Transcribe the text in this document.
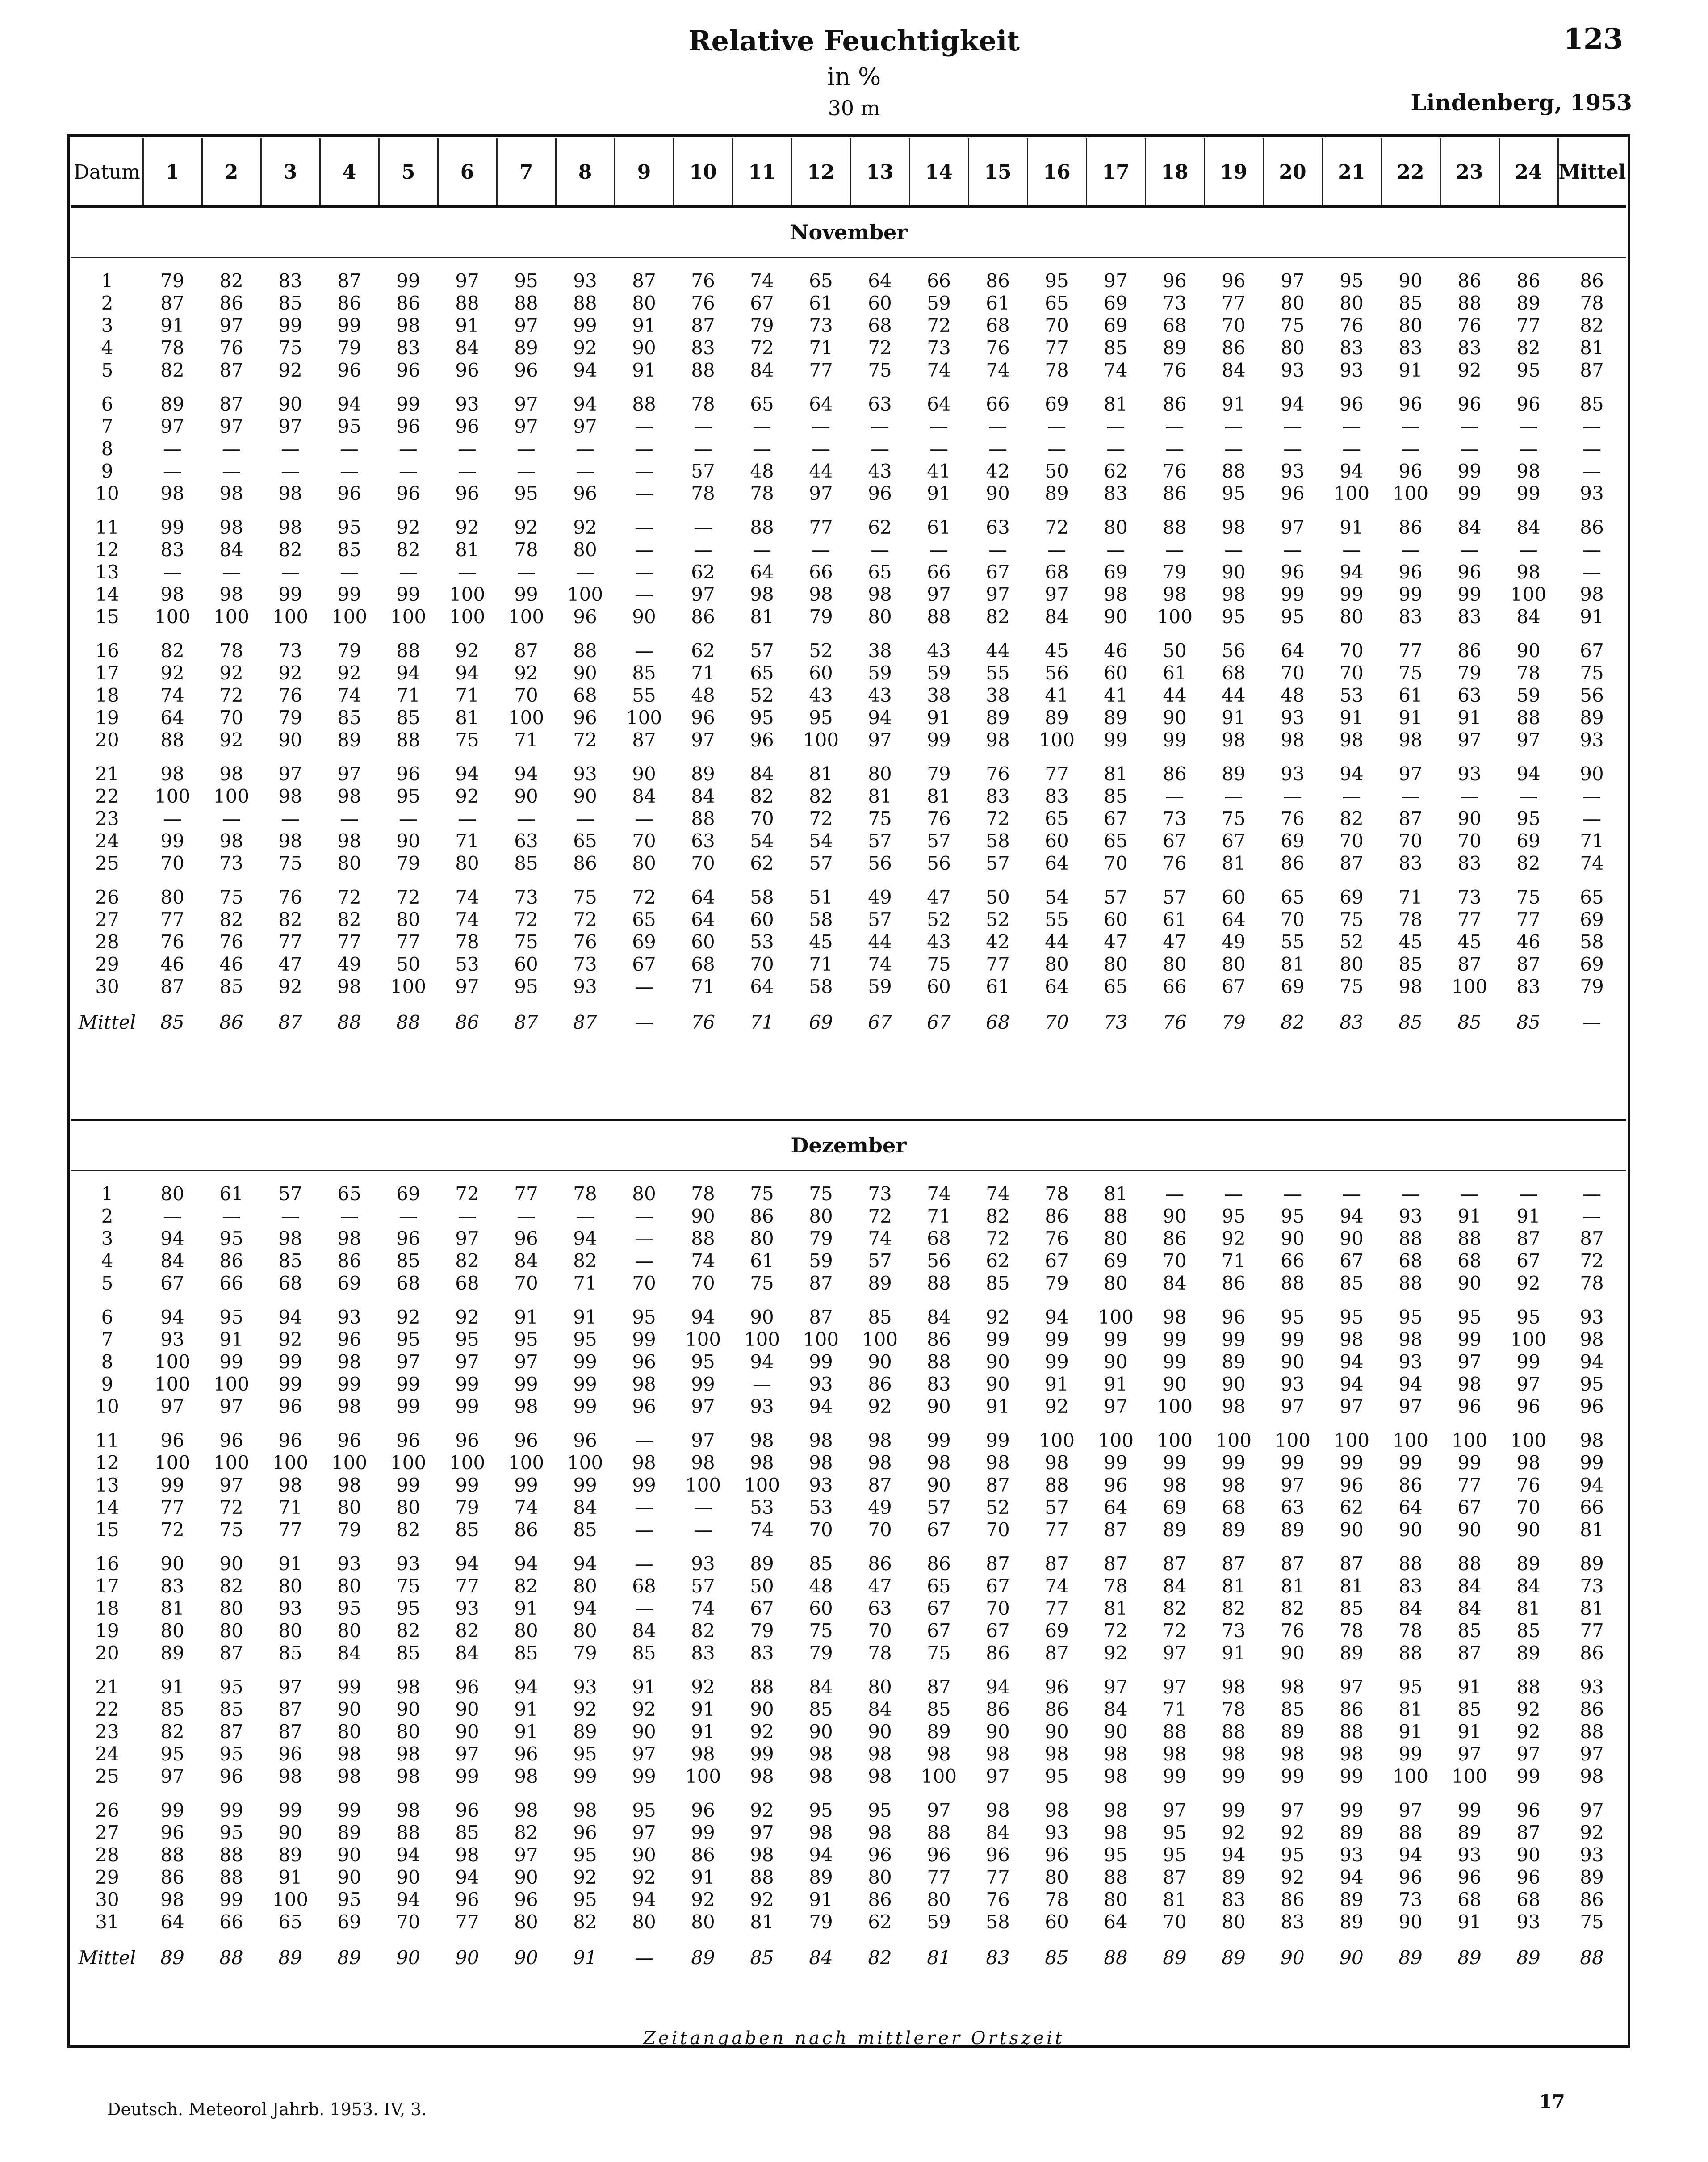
Relative Feuchtigkeit
in %
30 m
123
Lindenberg, 1953
Datum	1	2	3	4	5	6	7	8	9	10	11	12	13	14	15	16	17	18	19	20	21	22	23	24	Mittel
November																									

1	79	82	83	87	99	97	95	93	87	76	74	65	64	66	86	95	97	96	96	97	95	90	86	86	86
2	87	86	85	86	86	88	88	88	80	76	67	61	60	59	61	65	69	73	77	80	80	85	88	89	78
3	91	97	99	99	98	91	97	99	91	87	79	73	68	72	68	70	69	68	70	75	76	80	76	77	82
4	78	76	75	79	83	84	89	92	90	83	72	71	72	73	76	77	85	89	86	80	83	83	83	82	81
5	82	87	92	96	96	96	96	94	91	88	84	77	75	74	74	78	74	76	84	93	93	91	92	95	87

6	89	87	90	94	99	93	97	94	88	78	65	64	63	64	66	69	81	86	91	94	96	96	96	96	85
7	97	97	97	95	96	96	97	97	—	—	—	—	—	—	—	—	—	—	—	—	—	—	—	—	—
8	—	—	—	—	—	—	—	—	—	—	—	—	—	—	—	—	—	—	—	—	—	—	—	—	—
9	—	—	—	—	—	—	—	—	—	57	48	44	43	41	42	50	62	76	88	93	94	96	99	98	—
10	98	98	98	96	96	96	95	96	—	78	78	97	96	91	90	89	83	86	95	96	100	100	99	99	93

11	99	98	98	95	92	92	92	92	—	—	88	77	62	61	63	72	80	88	98	97	91	86	84	84	86
12	83	84	82	85	82	81	78	80	—	—	—	—	—	—	—	—	—	—	—	—	—	—	—	—	—
13	—	—	—	—	—	—	—	—	—	62	64	66	65	66	67	68	69	79	90	96	94	96	96	98	—
14	98	98	99	99	99	100	99	100	—	97	98	98	98	97	97	97	98	98	98	99	99	99	99	100	98
15	100	100	100	100	100	100	100	96	90	86	81	79	80	88	82	84	90	100	95	95	80	83	83	84	91

16	82	78	73	79	88	92	87	88	—	62	57	52	38	43	44	45	46	50	56	64	70	77	86	90	67
17	92	92	92	92	94	94	92	90	85	71	65	60	59	59	55	56	60	61	68	70	70	75	79	78	75
18	74	72	76	74	71	71	70	68	55	48	52	43	43	38	38	41	41	44	44	48	53	61	63	59	56
19	64	70	79	85	85	81	100	96	100	96	95	95	94	91	89	89	89	90	91	93	91	91	91	88	89
20	88	92	90	89	88	75	71	72	87	97	96	100	97	99	98	100	99	99	98	98	98	98	97	97	93

21	98	98	97	97	96	94	94	93	90	89	84	81	80	79	76	77	81	86	89	93	94	97	93	94	90
22	100	100	98	98	95	92	90	90	84	84	82	82	81	81	83	83	85	—	—	—	—	—	—	—	—
23	—	—	—	—	—	—	—	—	—	88	70	72	75	76	72	65	67	73	75	76	82	87	90	95	—
24	99	98	98	98	90	71	63	65	70	63	54	54	57	57	58	60	65	67	67	69	70	70	70	69	71
25	70	73	75	80	79	80	85	86	80	70	62	57	56	56	57	64	70	76	81	86	87	83	83	82	74

26	80	75	76	72	72	74	73	75	72	64	58	51	49	47	50	54	57	57	60	65	69	71	73	75	65
27	77	82	82	82	80	74	72	72	65	64	60	58	57	52	52	55	60	61	64	70	75	78	77	77	69
28	76	76	77	77	77	78	75	76	69	60	53	45	44	43	42	44	47	47	49	55	52	45	45	46	58
29	46	46	47	49	50	53	60	73	67	68	70	71	74	75	77	80	80	80	80	81	80	85	87	87	69
30	87	85	92	98	100	97	95	93	—	71	64	58	59	60	61	64	65	66	67	69	75	98	100	83	79
Mittel	85	86	87	88	88	86	87	87	—	76	71	69	67	67	68	70	73	76	79	82	83	85	85	85	—

Dezember																									

1	80	61	57	65	69	72	77	78	80	78	75	75	73	74	74	78	81	—	—	—	—	—	—	—	—
2	—	—	—	—	—	—	—	—	—	90	86	80	72	71	82	86	88	90	95	95	94	93	91	91	—
3	94	95	98	98	96	97	96	94	—	88	80	79	74	68	72	76	80	86	92	90	90	88	88	87	87
4	84	86	85	86	85	82	84	82	—	74	61	59	57	56	62	67	69	70	71	66	67	68	68	67	72
5	67	66	68	69	68	68	70	71	70	70	75	87	89	88	85	79	80	84	86	88	85	88	90	92	78

6	94	95	94	93	92	92	91	91	95	94	90	87	85	84	92	94	100	98	96	95	95	95	95	95	93
7	93	91	92	96	95	95	95	95	99	100	100	100	100	86	99	99	99	99	99	99	98	98	99	100	98
8	100	99	99	98	97	97	97	99	96	95	94	99	90	88	90	99	90	99	89	90	94	93	97	99	94
9	100	100	99	99	99	99	99	99	98	99	—	93	86	83	90	91	91	90	90	93	94	94	98	97	95
10	97	97	96	98	99	99	98	99	96	97	93	94	92	90	91	92	97	100	98	97	97	97	96	96	96

11	96	96	96	96	96	96	96	96	—	97	98	98	98	99	99	100	100	100	100	100	100	100	100	100	98
12	100	100	100	100	100	100	100	100	98	98	98	98	98	98	98	98	99	99	99	99	99	99	99	98	99
13	99	97	98	98	99	99	99	99	99	100	100	93	87	90	87	88	96	98	98	97	96	86	77	76	94
14	77	72	71	80	80	79	74	84	—	—	53	53	49	57	52	57	64	69	68	63	62	64	67	70	66
15	72	75	77	79	82	85	86	85	—	—	74	70	70	67	70	77	87	89	89	89	90	90	90	90	81

16	90	90	91	93	93	94	94	94	—	93	89	85	86	86	87	87	87	87	87	87	87	88	88	89	89
17	83	82	80	80	75	77	82	80	68	57	50	48	47	65	67	74	78	84	81	81	81	83	84	84	73
18	81	80	93	95	95	93	91	94	—	74	67	60	63	67	70	77	81	82	82	82	85	84	84	81	81
19	80	80	80	80	82	82	80	80	84	82	79	75	70	67	67	69	72	72	73	76	78	78	85	85	77
20	89	87	85	84	85	84	85	79	85	83	83	79	78	75	86	87	92	97	91	90	89	88	87	89	86

21	91	95	97	99	98	96	94	93	91	92	88	84	80	87	94	96	97	97	98	98	97	95	91	88	93
22	85	85	87	90	90	90	91	92	92	91	90	85	84	85	86	86	84	71	78	85	86	81	85	92	86
23	82	87	87	80	80	90	91	89	90	91	92	90	90	89	90	90	90	88	88	89	88	91	91	92	88
24	95	95	96	98	98	97	96	95	97	98	99	98	98	98	98	98	98	98	98	98	98	99	97	97	97
25	97	96	98	98	98	99	98	99	99	100	98	98	98	100	97	95	98	99	99	99	99	100	100	99	98

26	99	99	99	99	98	96	98	98	95	96	92	95	95	97	98	98	98	97	99	97	99	97	99	96	97
27	96	95	90	89	88	85	82	96	97	99	97	98	98	88	84	93	98	95	92	92	89	88	89	87	92
28	88	88	89	90	94	98	97	95	90	86	98	94	96	96	96	96	95	95	94	95	93	94	93	90	93
29	86	88	91	90	90	94	90	92	92	91	88	89	80	77	77	80	88	87	89	92	94	96	96	96	89
30	98	99	100	95	94	96	96	95	94	92	92	91	86	80	76	78	80	81	83	86	89	73	68	68	86
31	64	66	65	69	70	77	80	82	80	80	81	79	62	59	58	60	64	70	80	83	89	90	91	93	75
Mittel	89	88	89	89	90	90	90	91	—	89	85	84	82	81	83	85	88	89	89	90	90	89	89	89	88
Zeitangaben nach mittlerer Ortszeit
Deutsch. Meteorol Jahrb. 1953. IV, 3.	17
